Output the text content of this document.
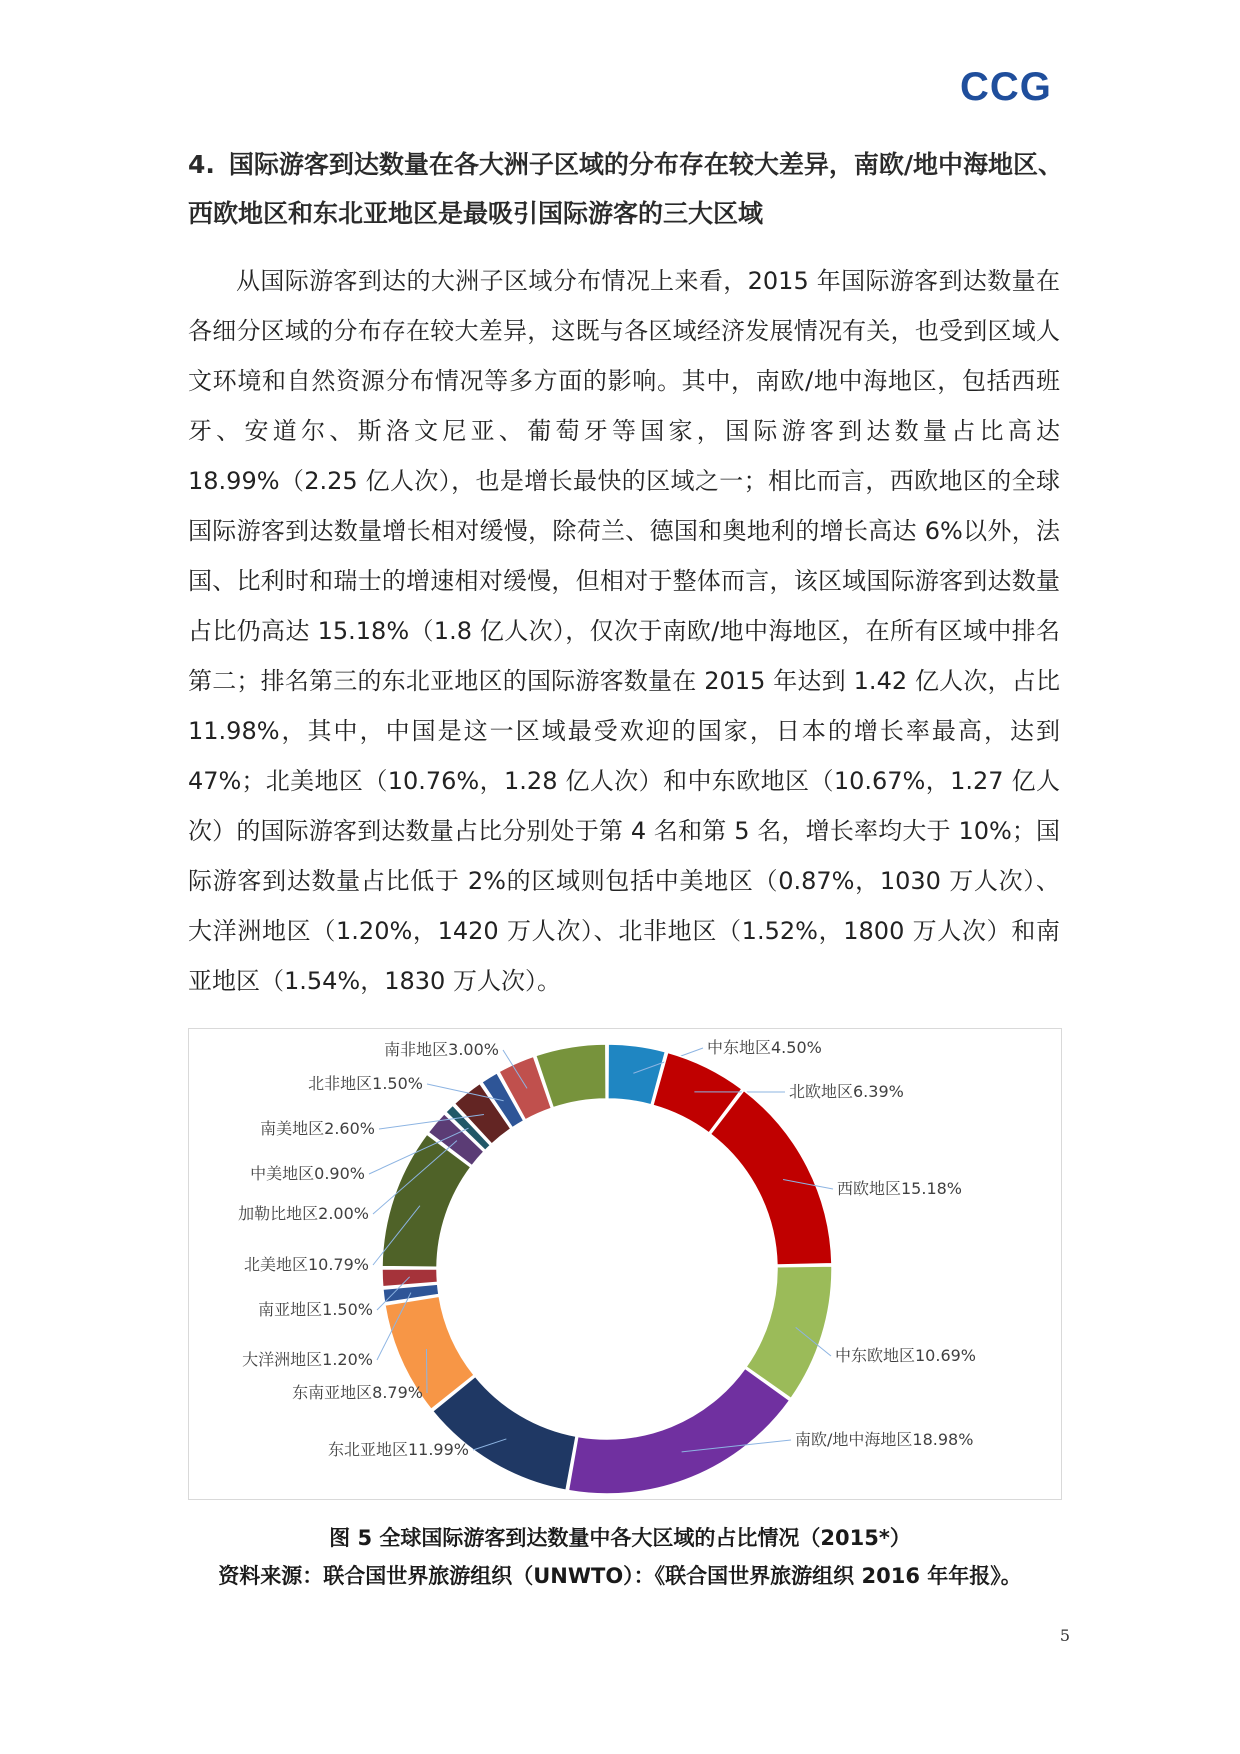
CCG
4. 国际游客到达数量在各大洲子区域的分布存在较大差异，南欧/地中海地区、西欧地区和东北亚地区是最吸引国际游客的三大区域
从国际游客到达的大洲子区域分布情况上来看，2015 年国际游客到达数量在各细分区域的分布存在较大差异，这既与各区域经济发展情况有关，也受到区域人文环境和自然资源分布情况等多方面的影响。其中，南欧/地中海地区，包括西班牙、安道尔、斯洛文尼亚、葡萄牙等国家，国际游客到达数量占比高达 18.99%（2.25 亿人次），也是增长最快的区域之一；相比而言，西欧地区的全球国际游客到达数量增长相对缓慢，除荷兰、德国和奥地利的增长高达 6%以外，法国、比利时和瑞士的增速相对缓慢，但相对于整体而言，该区域国际游客到达数量占比仍高达 15.18%（1.8 亿人次），仅次于南欧/地中海地区，在所有区域中排名第二；排名第三的东北亚地区的国际游客数量在 2015 年达到 1.42 亿人次，占比 11.98%，其中，中国是这一区域最受欢迎的国家，日本的增长率最高，达到 47%；北美地区（10.76%，1.28 亿人次）和中东欧地区（10.67%，1.27 亿人次）的国际游客到达数量占比分别处于第 4 名和第 5 名，增长率均大于 10%；国际游客到达数量占比低于 2%的区域则包括中美地区（0.87%，1030 万人次）、大洋洲地区（1.20%，1420 万人次）、北非地区（1.52%，1800 万人次）和南亚地区（1.54%，1830 万人次）。
中东地区4.50%
北欧地区6.39%
西欧地区15.18%
中东欧地区10.69%
南欧/地中海地区18.98%
东北亚地区11.99%
东南亚地区8.79%
大洋洲地区1.20%
南亚地区1.50%
北美地区10.79%
加勒比地区2.00%
中美地区0.90%
南美地区2.60%
北非地区1.50%
南非地区3.00%
图 5 全球国际游客到达数量中各大区域的占比情况（2015*）
资料来源：联合国世界旅游组织（UNWTO）：《联合国世界旅游组织 2016 年年报》。
5
